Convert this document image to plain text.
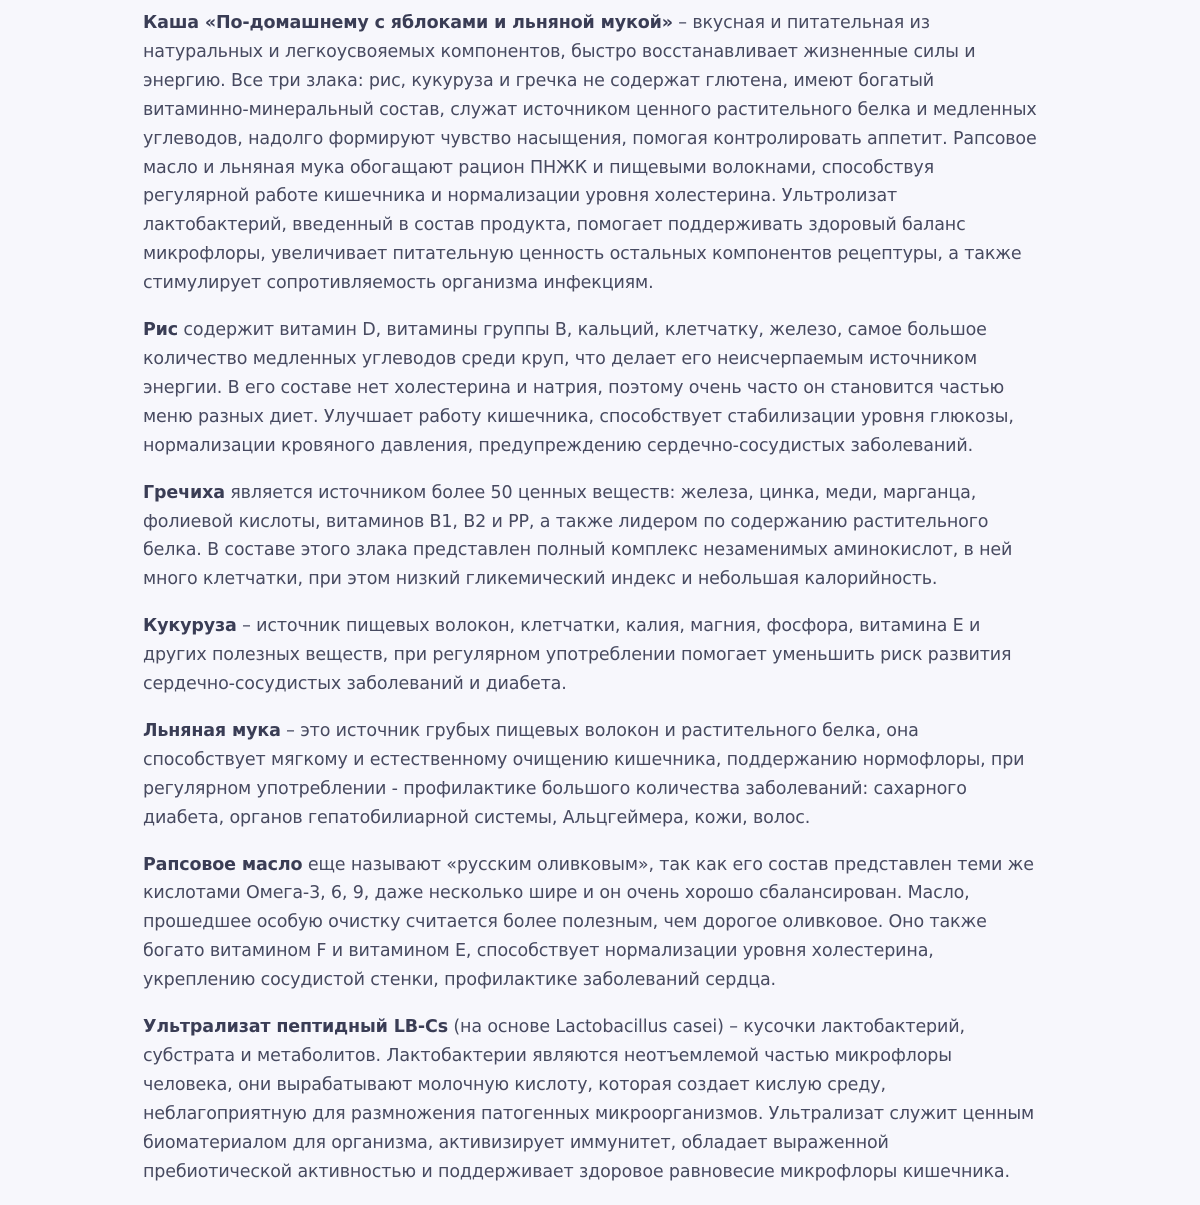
Каша «По-домашнему с яблоками и льняной мукой» – вкусная и питательная из натуральных и легкоусвояемых компонентов, быстро восстанавливает жизненные силы и энергию. Все три злака: рис, кукуруза и гречка не содержат глютена, имеют богатый витаминно-минеральный состав, служат источником ценного растительного белка и медленных углеводов, надолго формируют чувство насыщения, помогая контролировать аппетит. Рапсовое масло и льняная мука обогащают рацион ПНЖК и пищевыми волокнами, способствуя регулярной работе кишечника и нормализации уровня холестерина. Ультролизат лактобактерий, введенный в состав продукта, помогает поддерживать здоровый баланс микрофлоры, увеличивает питательную ценность остальных компонентов рецептуры, а также стимулирует сопротивляемость организма инфекциям.

Рис содержит витамин D, витамины группы В, кальций, клетчатку, железо, самое большое количество медленных углеводов среди круп, что делает его неисчерпаемым источником энергии. В его составе нет холестерина и натрия, поэтому очень часто он становится частью меню разных диет. Улучшает работу кишечника, способствует стабилизации уровня глюкозы, нормализации кровяного давления, предупреждению сердечно-сосудистых заболеваний.

Гречиха является источником более 50 ценных веществ: железа, цинка, меди, марганца, фолиевой кислоты, витаминов В1, В2 и РР, а также лидером по содержанию растительного белка. В составе этого злака представлен полный комплекс незаменимых аминокислот, в ней много клетчатки, при этом низкий гликемический индекс и небольшая калорийность.

Кукуруза – источник пищевых волокон, клетчатки, калия, магния, фосфора, витамина Е и других полезных веществ, при регулярном употреблении помогает уменьшить риск развития сердечно-сосудистых заболеваний и диабета.

Льняная мука – это источник грубых пищевых волокон и растительного белка, она способствует мягкому и естественному очищению кишечника, поддержанию нормофлоры, при регулярном употреблении - профилактике большого количества заболеваний: сахарного диабета, органов гепатобилиарной системы, Альцгеймера, кожи, волос.

Рапсовое масло еще называют «русским оливковым», так как его состав представлен теми же кислотами Омега-3, 6, 9, даже несколько шире и он очень хорошо сбалансирован. Масло, прошедшее особую очистку считается более полезным, чем дорогое оливковое. Оно также богато витамином F и витамином Е, способствует нормализации уровня холестерина, укреплению сосудистой стенки, профилактике заболеваний сердца.

Ультрализат пептидный LB-Cs (на основе Lactobacillus casei) – кусочки лактобактерий, субстрата и метаболитов. Лактобактерии являются неотъемлемой частью микрофлоры человека, они вырабатывают молочную кислоту, которая создает кислую среду, неблагоприятную для размножения патогенных микроорганизмов. Ультрализат служит ценным биоматериалом для организма, активизирует иммунитет, обладает выраженной пребиотической активностью и поддерживает здоровое равновесие микрофлоры кишечника.
